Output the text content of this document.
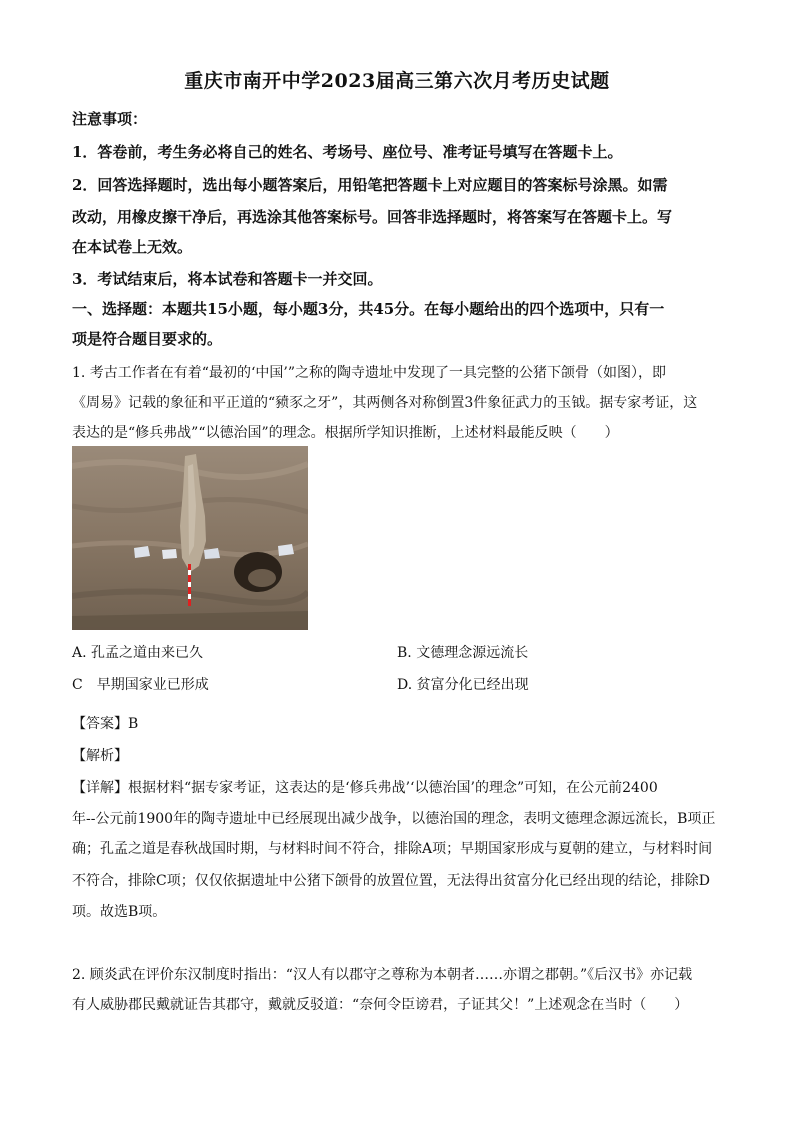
重庆市南开中学2023届高三第六次月考历史试题
注意事项：
1．答卷前，考生务必将自己的姓名、考场号、座位号、准考证号填写在答题卡上。
2．回答选择题时，选出每小题答案后，用铅笔把答题卡上对应题目的答案标号涂黑。如需
改动，用橡皮擦干净后，再选涂其他答案标号。回答非选择题时，将答案写在答题卡上。写
在本试卷上无效。
3．考试结束后，将本试卷和答题卡一并交回。
一、选择题：本题共15小题，每小题3分，共45分。在每小题给出的四个选项中，只有一
项是符合题目要求的。
1. 考古工作者在有着“最初的‘中国’”之称的陶寺遗址中发现了一具完整的公猪下颌骨（如图），即
《周易》记载的象征和平正道的“豮豕之牙”，其两侧各对称倒置3件象征武力的玉钺。据专家考证，这
表达的是“修兵弗战”“以德治国”的理念。根据所学知识推断，上述材料最能反映（　　）
A. 孔孟之道由来已久	B. 文德理念源远流长
C　早期国家业已形成	D. 贫富分化已经出现
【答案】B
【解析】
【详解】根据材料“据专家考证，这表达的是‘修兵弗战’‘以德治国’的理念”可知，在公元前2400
年--公元前1900年的陶寺遗址中已经展现出减少战争，以德治国的理念，表明文德理念源远流长，B项正
确；孔孟之道是春秋战国时期，与材料时间不符合，排除A项；早期国家形成与夏朝的建立，与材料时间
不符合，排除C项；仅仅依据遗址中公猪下颌骨的放置位置，无法得出贫富分化已经出现的结论，排除D
项。故选B项。
2. 顾炎武在评价东汉制度时指出：“汉人有以郡守之尊称为本朝者……亦谓之郡朝。”《后汉书》亦记载
有人威胁郡民戴就证告其郡守，戴就反驳道：“奈何令臣谤君，子证其父！”上述观念在当时（　　）
